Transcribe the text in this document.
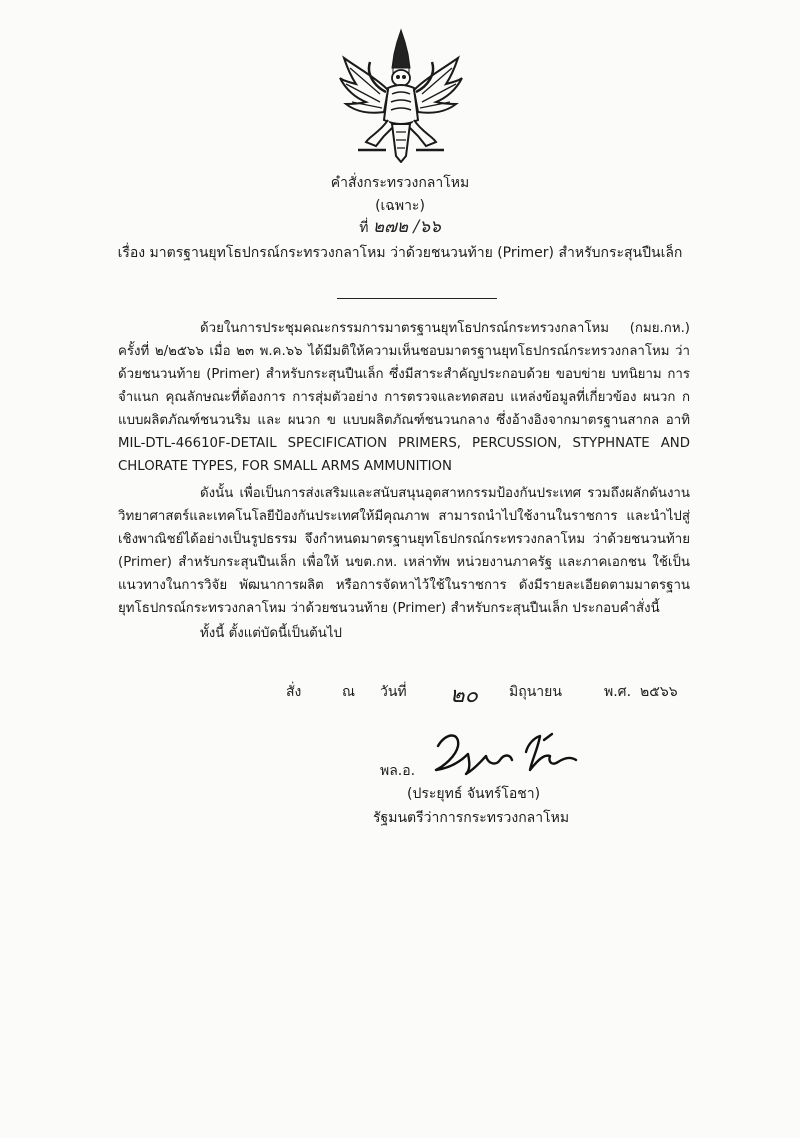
คำสั่งกระทรวงกลาโหม
(เฉพาะ)
ที่ ๒๗๒ /๖๖
เรื่อง มาตรฐานยุทโธปกรณ์กระทรวงกลาโหม ว่าด้วยชนวนท้าย (Primer) สำหรับกระสุนปืนเล็ก

ด้วยในการประชุมคณะกรรมการมาตรฐานยุทโธปกรณ์กระทรวงกลาโหม (กมย.กห.) ครั้งที่ ๒/๒๕๖๖ เมื่อ ๒๓ พ.ค.๖๖ ได้มีมติให้ความเห็นชอบมาตรฐานยุทโธปกรณ์กระทรวงกลาโหม ว่าด้วยชนวนท้าย (Primer) สำหรับกระสุนปืนเล็ก ซึ่งมีสาระสำคัญประกอบด้วย ขอบข่าย บทนิยาม การจำแนก คุณลักษณะที่ต้องการ การสุ่มตัวอย่าง การตรวจและทดสอบ แหล่งข้อมูลที่เกี่ยวข้อง ผนวก ก แบบผลิตภัณฑ์ชนวนริม และ ผนวก ข แบบผลิตภัณฑ์ชนวนกลาง ซึ่งอ้างอิงจากมาตรฐานสากล อาทิ MIL-DTL-46610F-DETAIL SPECIFICATION PRIMERS, PERCUSSION, STYPHNATE AND CHLORATE TYPES, FOR SMALL ARMS AMMUNITION

ดังนั้น เพื่อเป็นการส่งเสริมและสนับสนุนอุตสาหกรรมป้องกันประเทศ รวมถึงผลักดันงานวิทยาศาสตร์และเทคโนโลยีป้องกันประเทศให้มีคุณภาพ สามารถนำไปใช้งานในราชการ และนำไปสู่เชิงพาณิชย์ได้อย่างเป็นรูปธรรม จึงกำหนดมาตรฐานยุทโธปกรณ์กระทรวงกลาโหม ว่าด้วยชนวนท้าย (Primer) สำหรับกระสุนปืนเล็ก เพื่อให้ นขต.กห. เหล่าทัพ หน่วยงานภาครัฐ และภาคเอกชน ใช้เป็นแนวทางในการวิจัย พัฒนาการผลิต หรือการจัดหาไว้ใช้ในราชการ ดังมีรายละเอียดตามมาตรฐานยุทโธปกรณ์กระทรวงกลาโหม ว่าด้วยชนวนท้าย (Primer) สำหรับกระสุนปืนเล็ก ประกอบคำสั่งนี้

ทั้งนี้ ตั้งแต่บัดนี้เป็นต้นไป

สั่ง	ณ วันที่ ๒๐ มิถุนายน	พ.ศ. ๒๕๖๖
พล.อ.
(ประยุทธ์ จันทร์โอชา)
รัฐมนตรีว่าการกระทรวงกลาโหม
